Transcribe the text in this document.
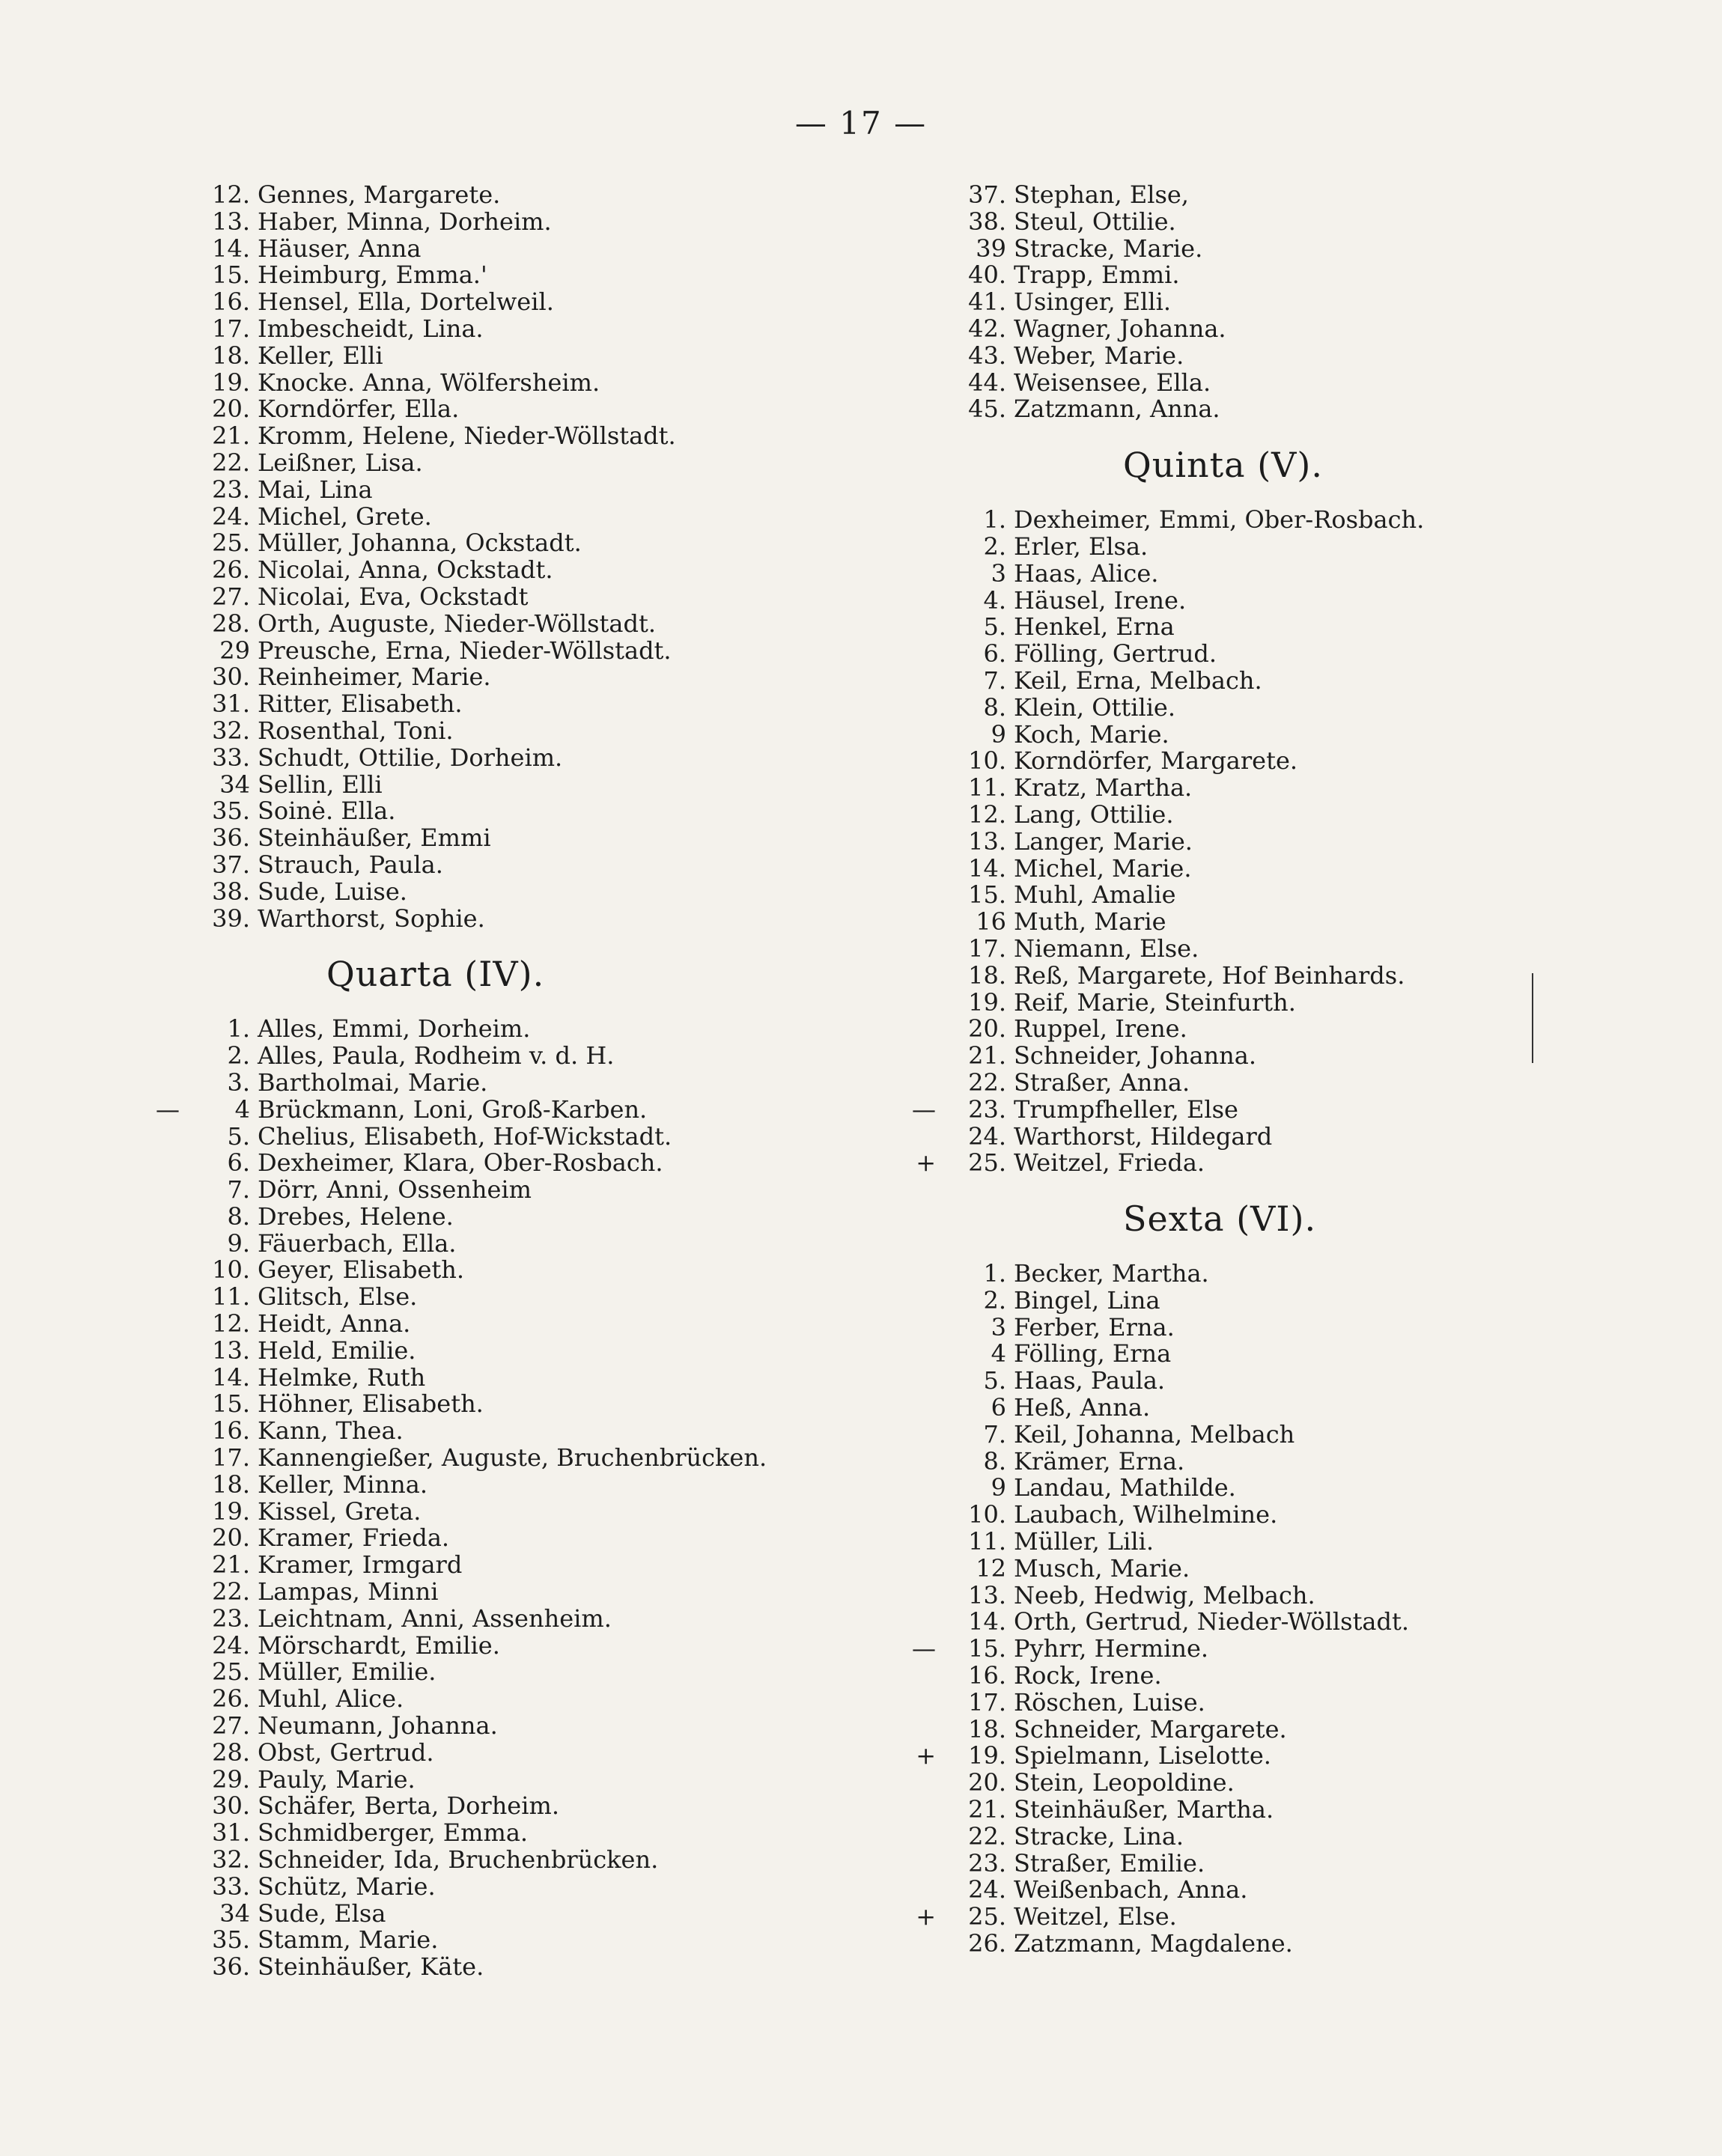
— 17 —
12. Gennes, Margarete.
13. Haber, Minna, Dorheim.
14. Häuser, Anna
15. Heimburg, Emma.'
16. Hensel, Ella, Dortelweil.
17. Imbescheidt, Lina.
18. Keller, Elli
19. Knocke. Anna, Wölfersheim.
20. Korndörfer, Ella.
21. Kromm, Helene, Nieder-Wöllstadt.
22. Leißner, Lisa.
23. Mai, Lina
24. Michel, Grete.
25. Müller, Johanna, Ockstadt.
26. Nicolai, Anna, Ockstadt.
27. Nicolai, Eva, Ockstadt
28. Orth, Auguste, Nieder-Wöllstadt.
29 Preusche, Erna, Nieder-Wöllstadt.
30. Reinheimer, Marie.
31. Ritter, Elisabeth.
32. Rosenthal, Toni.
33. Schudt, Ottilie, Dorheim.
34 Sellin, Elli
35. Soinė. Ella.
36. Steinhäußer, Emmi
37. Strauch, Paula.
38. Sude, Luise.
39. Warthorst, Sophie.
Quarta (IV).
1. Alles, Emmi, Dorheim.
2. Alles, Paula, Rodheim v. d. H.
3. Bartholmai, Marie.
—	4 Brückmann, Loni, Groß-Karben.
5. Chelius, Elisabeth, Hof-Wickstadt.
6. Dexheimer, Klara, Ober-Rosbach.
7. Dörr, Anni, Ossenheim
8. Drebes, Helene.
9. Fäuerbach, Ella.
10. Geyer, Elisabeth.
11. Glitsch, Else.
12. Heidt, Anna.
13. Held, Emilie.
14. Helmke, Ruth
15. Höhner, Elisabeth.
16. Kann, Thea.
17. Kannengießer, Auguste, Bruchenbrücken.
18. Keller, Minna.
19. Kissel, Greta.
20. Kramer, Frieda.
21. Kramer, Irmgard
22. Lampas, Minni
23. Leichtnam, Anni, Assenheim.
24. Mörschardt, Emilie.
25. Müller, Emilie.
26. Muhl, Alice.
27. Neumann, Johanna.
28. Obst, Gertrud.
29. Pauly, Marie.
30. Schäfer, Berta, Dorheim.
31. Schmidberger, Emma.
32. Schneider, Ida, Bruchenbrücken.
33. Schütz, Marie.
34 Sude, Elsa
35. Stamm, Marie.
36. Steinhäußer, Käte.
37. Stephan, Else,
38. Steul, Ottilie.
39 Stracke, Marie.
40. Trapp, Emmi.
41. Usinger, Elli.
42. Wagner, Johanna.
43. Weber, Marie.
44. Weisensee, Ella.
45. Zatzmann, Anna.
Quinta (V).
1. Dexheimer, Emmi, Ober-Rosbach.
2. Erler, Elsa.
3 Haas, Alice.
4. Häusel, Irene.
5. Henkel, Erna
6. Fölling, Gertrud.
7. Keil, Erna, Melbach.
8. Klein, Ottilie.
9 Koch, Marie.
10. Korndörfer, Margarete.
11. Kratz, Martha.
12. Lang, Ottilie.
13. Langer, Marie.
14. Michel, Marie.
15. Muhl, Amalie
16 Muth, Marie
17. Niemann, Else.
18. Reß, Margarete, Hof Beinhards.
19. Reif, Marie, Steinfurth.
20. Ruppel, Irene.
21. Schneider, Johanna.
22. Straßer, Anna.
—	23. Trumpfheller, Else
24. Warthorst, Hildegard
+	25. Weitzel, Frieda.
Sexta (VI).
1. Becker, Martha.
2. Bingel, Lina
3 Ferber, Erna.
4 Fölling, Erna
5. Haas, Paula.
6 Heß, Anna.
7. Keil, Johanna, Melbach
8. Krämer, Erna.
9 Landau, Mathilde.
10. Laubach, Wilhelmine.
11. Müller, Lili.
12 Musch, Marie.
13. Neeb, Hedwig, Melbach.
14. Orth, Gertrud, Nieder-Wöllstadt.
—	15. Pyhrr, Hermine.
16. Rock, Irene.
17. Röschen, Luise.
18. Schneider, Margarete.
+	19. Spielmann, Liselotte.
20. Stein, Leopoldine.
21. Steinhäußer, Martha.
22. Stracke, Lina.
23. Straßer, Emilie.
24. Weißenbach, Anna.
+	25. Weitzel, Else.
26. Zatzmann, Magdalene.
